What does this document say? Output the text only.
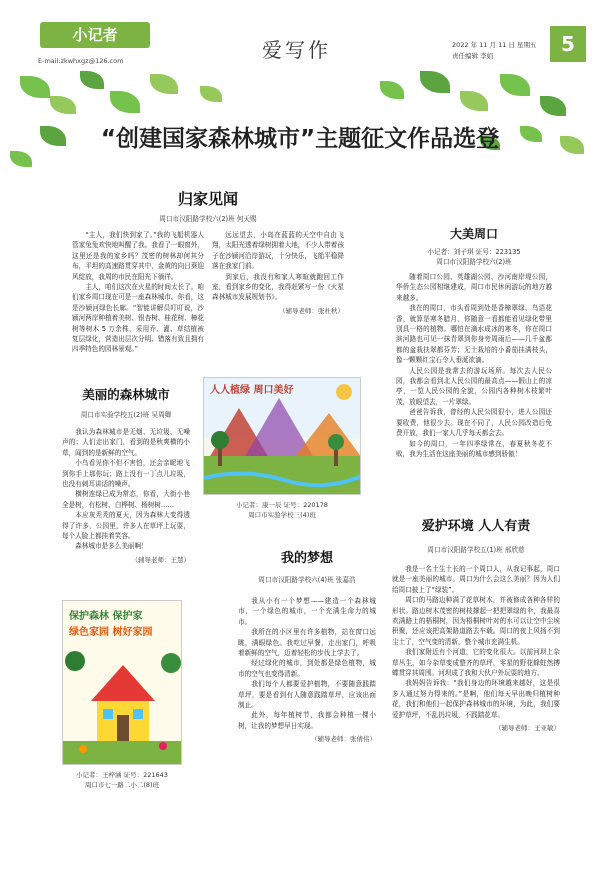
小记者
E-mail:zkwhxgz@126.com	爱写作	2022 年 11 月 11 日 星期五
责任编辑 李娟	5
“创建国家森林城市”主题征文作品选登
归家见闻
周口市汉阳路学校六(2)班 何天赐

“主人，我们快到家了。”我的飞船机器人管家兔兔欢快地叫醒了我。我看了一眼窗外，这里还是我的家乡吗？茂密的树林却何其分布，平坦的高速路贯穿其中，金黄的向日葵迎风绽放，我周的市民在阳光下徜徉。

主人，咱们这次在火星的时间太长了。咱们家乡周口现在可是一座森林城市。你看，这是沙颍河绿色长廊。“智能讲解员叮叮说，沙颍河两岸种植着美树、银杏树、桂花树、樟花树等树木 5 万余株，采用乔、灌、草结植被复层绿化，营造出层次分明、错落有致且拥有四季特色的园林景观。”

远远望去，小岛在蓝蓝的天空中自由飞翔，太阳光透着绿树拥着大地，不少人带着孩子在沙颍河沿岸游玩，十分快乐，飞船平稳降落在我家门前。

到家后，我没有和家人寒暄就跑回工作室，看到家乡的变化，我得赶紧写一份《火星森林城市发展规划书》。

（辅导老师：张杜秋）
大美周口
小记者：刘子琪 证号：223135
周口市汉阳路学校六(2)班

随着周口公园、英雄湖公园、沙河南岸堤公园，华侨生态公园相继建成，周口市民休闲游玩的地方越来越多。

我在的周口，市头看周到处是香樟翠绿、鸟语花香，就算是寒冬腊月，你随意一看都能看见绿化带里别具一格的植物。哪怕在滴水成冰的寒冬，你在周口滨河路也可见一抹青翠到你身旁周雨后——几千盆都都的盆栽扶翠都芬芳；无土栽培的小番茄挂满枝头，像一颗颗红宝石令人垂涎欲滴。

人民公园是我常去的游玩场所。每次去人民公园，我都会看到北人民公园的最高点——假山上的凉亭，一览人民公园的全貌，公园内各种树木枝繁叶茂，放眼望去，一片翠绿。

爸爸告诉我，曾经的人民公园很小，进人公园还要收费，他很少去。现在不同了，人民公园改造后免费开放，我们一家人几乎每天都会去。

如今的周口，一年四季绿常在，春夏秋冬花不败，我为生活在这座美丽的城市感到骄傲！

美丽的森林城市
周口市实验学校五(2)班 吴周卿

我认为森林城市是无烟、无垃圾、无噪声的；人们走出家门，看到的是秋爽横的小草，闻到的是新鲜的空气。

小鸟看见你不但不害怕，还会亲昵地飞到你手上那你玩；路上没有一丁点儿垃圾，也没有刺耳讲话的噪声。

横树连绿已成为常态，你看，大街小巷全是树，有松树、白桦树、杨树树……

本应灰秃秃的夏天，因为森林大变得透得了许多，公园里，许多人在草坪上玩耍，每个人脸上都挂着笑容。

森林城市是多么美丽啊！

（辅导老师：王慧）
人人植绿 周口美好
小记者：康一辰 证号：220178
周口市实验学校三(4)班
我的梦想
周口市汉阳路学校六(4)班 张嘉浩

我从小有一个梦想——建造一个森林城市，一个绿色的城市，一个充满生命力的城市。

我所在的小区里有许多植物，站在窗口远眺，满眼绿色。我吃过早餐，走出家门，呼吸着新鲜的空气，迈着轻松的步伐上学去了。

经过绿化的城市，到处都是绿色植物，城市的空气也变得清新。

我们每个人都要爱护植物，不要随意践踏草坪，要是看到有人随意践踏草坪，应该出面制止。

此外，每年植树节，我都会种植一棵小树，让我的梦想早日实现。

（辅导老师：张倩伟）
保护森林 保护家
绿色家园 树好家园
小记者：王梓涵 证号：221643
周口市七一路二小二(8)班
爱护环境 人人有责
周口市汉阳路学校五(1)班 邢欣慈

我是一名土生土长的一个周口人，从我记事起，周口就是一座美丽的城市。周口为什么会这么美丽？因为人们给周口披上了“绿装”。

周口的马路边种满了花草树木，并被修成各种各样的形状。路边树木茂密的树枝撑起一把把翠绿的伞，我最喜欢满路上的梧桐树，因为梧桐树叶对的水可以让空中尘埃积聚，还应该把高架路道路去车载。周口的夜上风扬不到尘土了，空气变的清新，整个城市充满生机。

我们家附近有个河道，它的变化很大。以前河坝上杂草丛生，如今杂草变成整齐的草坪，零星的野花蜂蛀然搏蝶贯穿其周围。河坝成了我和大伙户外玩耍的地方。

我妈妈告诉我：“我们身边的环境越来越好，这是很多人通过努力得来的。”是啊，他们每天早出晚归植树种花，我们和他们一起保护森林城市的环境，为此，我们要爱护草坪，不乱扔垃圾，不践踏花草。

（辅导老师：王亚敏）
